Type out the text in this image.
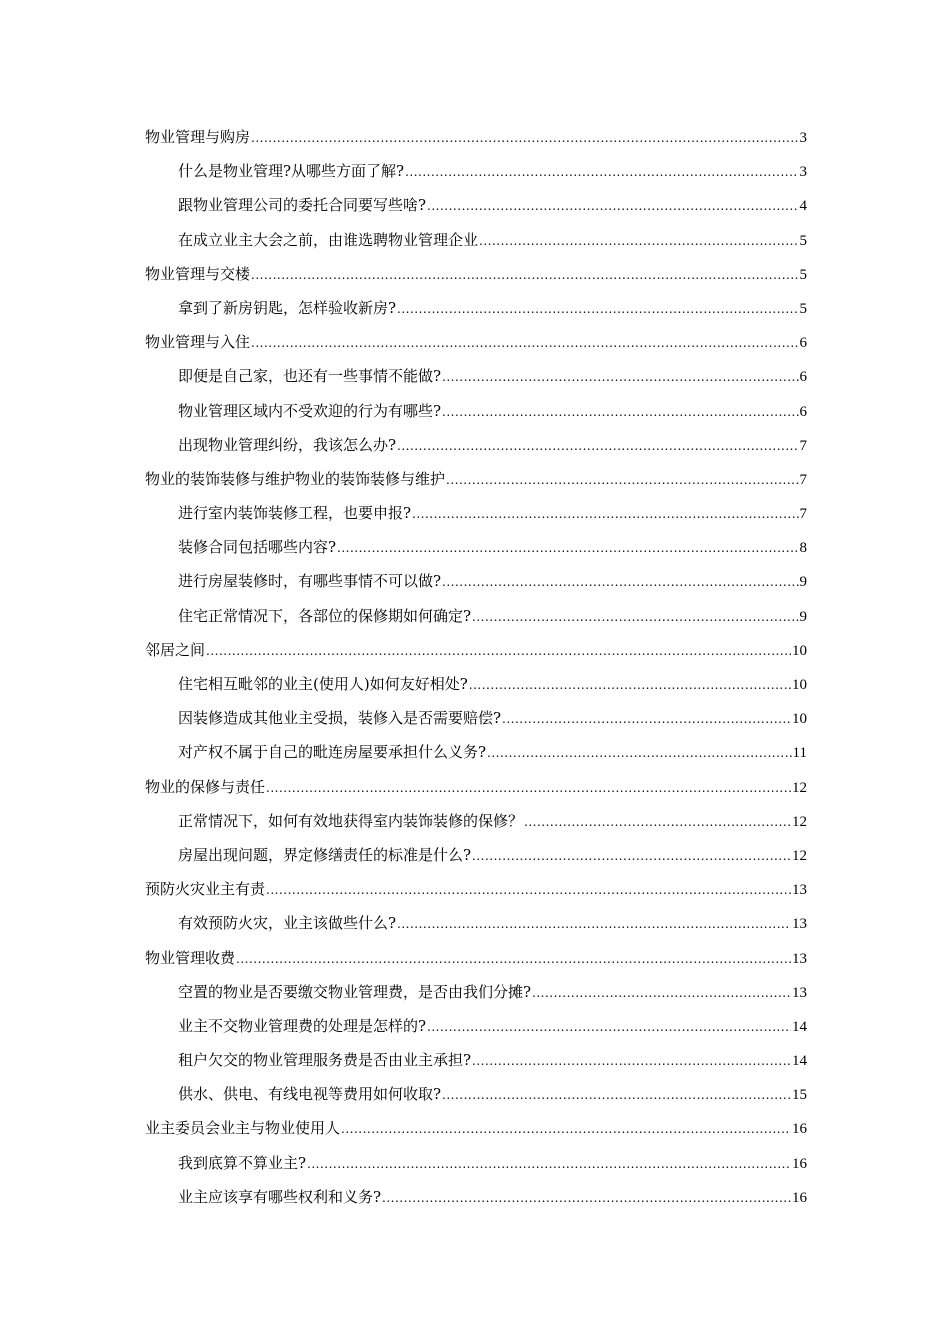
物业管理与购房 .....	3
什么是物业管理?从哪些方面了解? .....	3
跟物业管理公司的委托合同要写些啥? .....	4
在成立业主大会之前，由谁选聘物业管理企业 .....	5
物业管理与交楼 .....	5
拿到了新房钥匙，怎样验收新房? .....	5
物业管理与入住 .....	6
即便是自己家，也还有一些事情不能做? .....	6
物业管理区域内不受欢迎的行为有哪些? .....	6
出现物业管理纠纷，我该怎么办? .....	7
物业的装饰装修与维护物业的装饰装修与维护 .....	7
进行室内装饰装修工程，也要申报? .....	7
装修合同包括哪些内容? .....	8
进行房屋装修时，有哪些事情不可以做? .....	9
住宅正常情况下，各部位的保修期如何确定? .....	9
邻居之间 .....	10
住宅相互毗邻的业主(使用人)如何友好相处? .....	10
因装修造成其他业主受损，装修入是否需要赔偿? .....	10
对产权不属于自己的毗连房屋要承担什么义务? .....	11
物业的保修与责任 .....	12
正常情况下，如何有效地获得室内装饰装修的保修？ .....	12
房屋出现问题，界定修缮责任的标准是什么? .....	12
预防火灾业主有责 .....	13
有效预防火灾，业主该做些什么? .....	13
物业管理收费 .....	13
空置的物业是否要缴交物业管理费，是否由我们分摊? .....	13
业主不交物业管理费的处理是怎样的? .....	14
租户欠交的物业管理服务费是否由业主承担? .....	14
供水、供电、有线电视等费用如何收取? .....	15
业主委员会业主与物业使用人 .....	16
我到底算不算业主? .....	16
业主应该享有哪些权利和义务? .....	16
